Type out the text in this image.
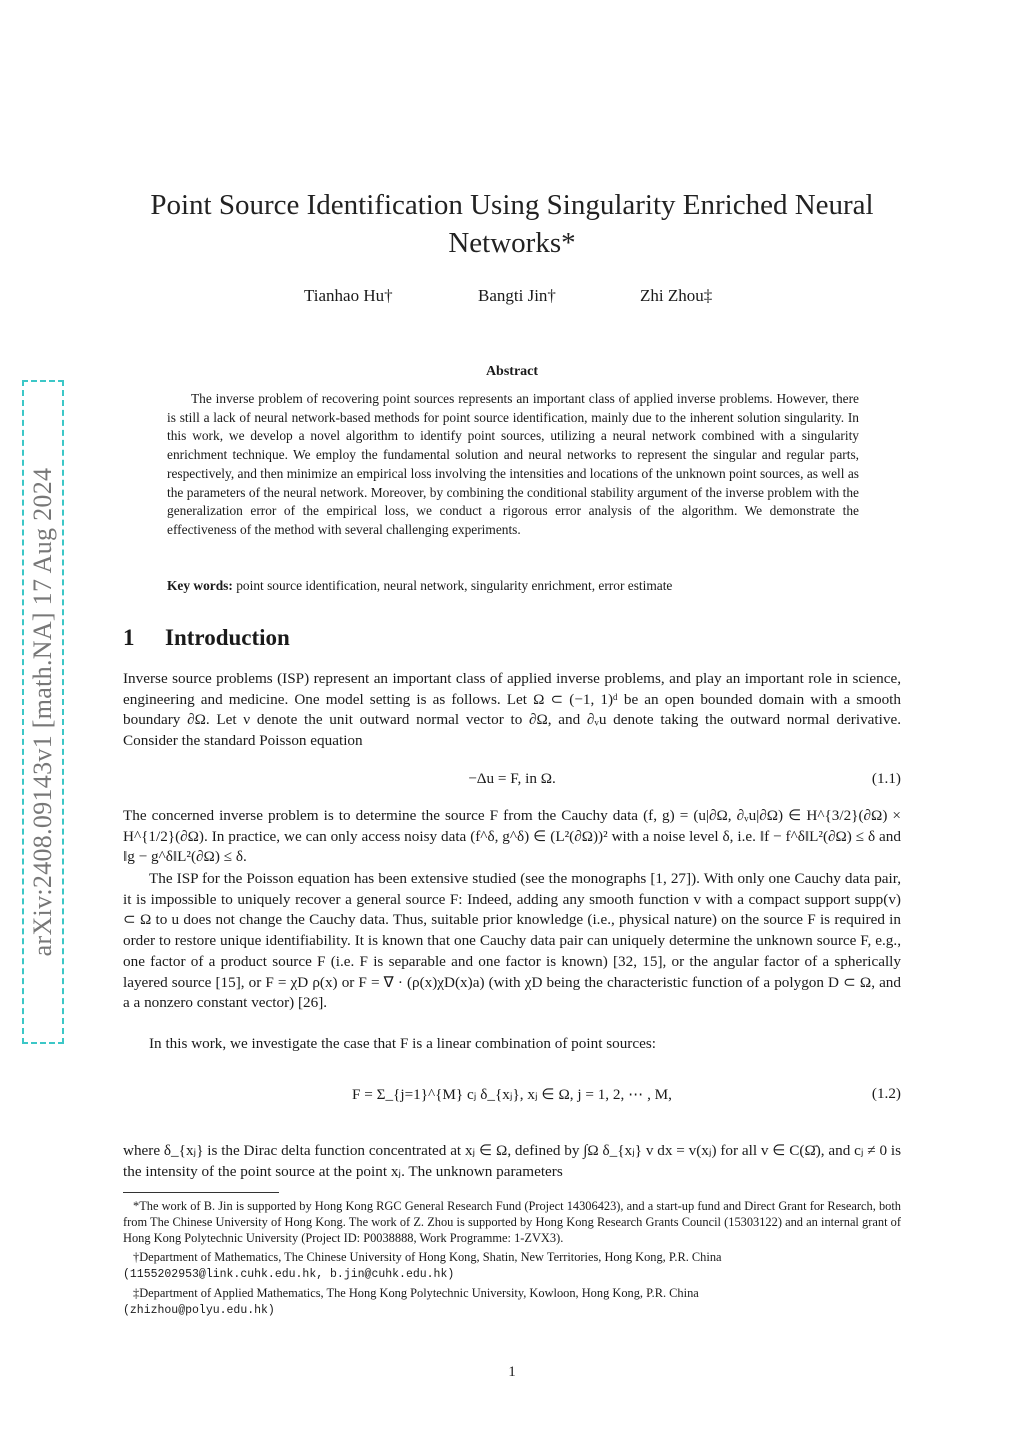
arXiv:2408.09143v1 [math.NA] 17 Aug 2024
Point Source Identification Using Singularity Enriched Neural Networks*
Tianhao Hu†	Bangti Jin†	Zhi Zhou‡
Abstract
The inverse problem of recovering point sources represents an important class of applied inverse problems. However, there is still a lack of neural network-based methods for point source identification, mainly due to the inherent solution singularity. In this work, we develop a novel algorithm to identify point sources, utilizing a neural network combined with a singularity enrichment technique. We employ the fundamental solution and neural networks to represent the singular and regular parts, respectively, and then minimize an empirical loss involving the intensities and locations of the unknown point sources, as well as the parameters of the neural network. Moreover, by combining the conditional stability argument of the inverse problem with the generalization error of the empirical loss, we conduct a rigorous error analysis of the algorithm. We demonstrate the effectiveness of the method with several challenging experiments.
Key words: point source identification, neural network, singularity enrichment, error estimate
1 Introduction

Inverse source problems (ISP) represent an important class of applied inverse problems, and play an important role in science, engineering and medicine. One model setting is as follows. Let Ω ⊂ (−1, 1)ᵈ be an open bounded domain with a smooth boundary ∂Ω. Let ν denote the unit outward normal vector to ∂Ω, and ∂ᵥu denote taking the outward normal derivative. Consider the standard Poisson equation

−Δu = F, in Ω.	(1.1)

The concerned inverse problem is to determine the source F from the Cauchy data (f, g) = (u|∂Ω, ∂ᵥu|∂Ω) ∈ H^{3/2}(∂Ω) × H^{1/2}(∂Ω). In practice, we can only access noisy data (f^δ, g^δ) ∈ (L²(∂Ω))² with a noise level δ, i.e. ‖f − f^δ‖L²(∂Ω) ≤ δ and ‖g − g^δ‖L²(∂Ω) ≤ δ.

The ISP for the Poisson equation has been extensive studied (see the monographs [1, 27]). With only one Cauchy data pair, it is impossible to uniquely recover a general source F: Indeed, adding any smooth function v with a compact support supp(v) ⊂ Ω to u does not change the Cauchy data. Thus, suitable prior knowledge (i.e., physical nature) on the source F is required in order to restore unique identifiability. It is known that one Cauchy data pair can uniquely determine the unknown source F, e.g., one factor of a product source F (i.e. F is separable and one factor is known) [32, 15], or the angular factor of a spherically layered source [15], or F = χD ρ(x) or F = ∇ · (ρ(x)χD(x)a) (with χD being the characteristic function of a polygon D ⊂ Ω, and a a nonzero constant vector) [26].

In this work, we investigate the case that F is a linear combination of point sources:

F = Σ_{j=1}^{M} cⱼ δ_{xⱼ}, xⱼ ∈ Ω, j = 1, 2, ⋯ , M,	(1.2)

where δ_{xⱼ} is the Dirac delta function concentrated at xⱼ ∈ Ω, defined by ∫Ω δ_{xⱼ} v dx = v(xⱼ) for all v ∈ C(Ω̄), and cⱼ ≠ 0 is the intensity of the point source at the point xⱼ. The unknown parameters

*The work of B. Jin is supported by Hong Kong RGC General Research Fund (Project 14306423), and a start-up fund and Direct Grant for Research, both from The Chinese University of Hong Kong. The work of Z. Zhou is supported by Hong Kong Research Grants Council (15303122) and an internal grant of Hong Kong Polytechnic University (Project ID: P0038888, Work Programme: 1-ZVX3).

†Department of Mathematics, The Chinese University of Hong Kong, Shatin, New Territories, Hong Kong, P.R. China

(1155202953@link.cuhk.edu.hk, b.jin@cuhk.edu.hk)

‡Department of Applied Mathematics, The Hong Kong Polytechnic University, Kowloon, Hong Kong, P.R. China

(zhizhou@polyu.edu.hk)

1
